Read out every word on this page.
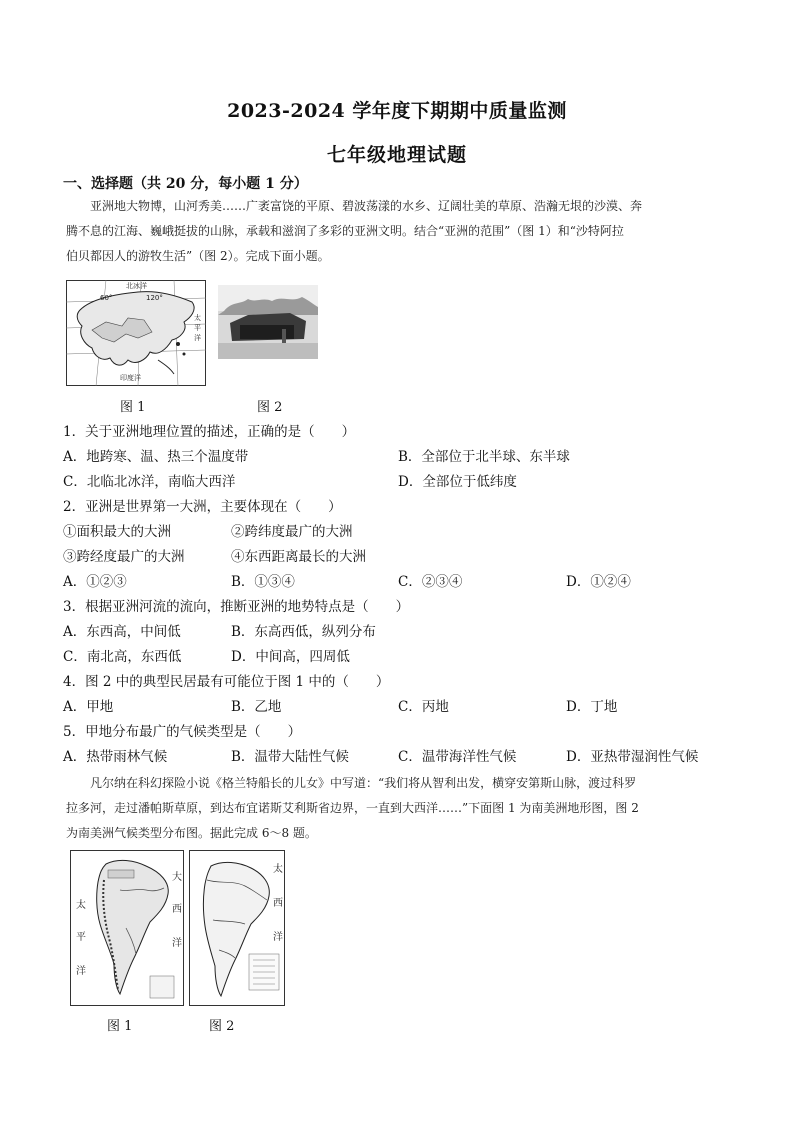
2023-2024 学年度下期期中质量监测
七年级地理试题
一、选择题（共 20 分，每小题 1 分）
亚洲地大物博，山河秀美……广袤富饶的平原、碧波荡漾的水乡、辽阔壮美的草原、浩瀚无垠的沙漠、奔
腾不息的江海、巍峨挺拔的山脉，承载和滋润了多彩的亚洲文明。结合“亚洲的范围”（图 1）和“沙特阿拉
伯贝都因人的游牧生活”（图 2）。完成下面小题。
北冰洋
60°	120°
太
平
洋
印度洋
图 1	图 2
1．关于亚洲地理位置的描述，正确的是（　　）
A．地跨寒、温、热三个温度带	B．全部位于北半球、东半球
C．北临北冰洋，南临大西洋	D．全部位于低纬度
2．亚洲是世界第一大洲，主要体现在（　　）
①面积最大的大洲	②跨纬度最广的大洲
③跨经度最广的大洲	④东西距离最长的大洲
A．①②③	B．①③④	C．②③④	D．①②④
3．根据亚洲河流的流向，推断亚洲的地势特点是（　　）
A．东西高，中间低	B．东高西低，纵列分布
C．南北高，东西低	D．中间高，四周低
4．图 2 中的典型民居最有可能位于图 1 中的（　　）
A．甲地	B．乙地	C．丙地	D．丁地
5．甲地分布最广的气候类型是（　　）
A．热带雨林气候	B．温带大陆性气候	C．温带海洋性气候	D．亚热带湿润性气候
凡尔纳在科幻探险小说《格兰特船长的儿女》中写道：“我们将从智利出发，横穿安第斯山脉，渡过科罗
拉多河，走过潘帕斯草原，到达布宜诺斯艾利斯省边界，一直到大西洋……”下面图 1 为南美洲地形图，图 2
为南美洲气候类型分布图。据此完成 6～8 题。
太
平
洋
大
西
洋
太
西
洋
图 1	图 2
